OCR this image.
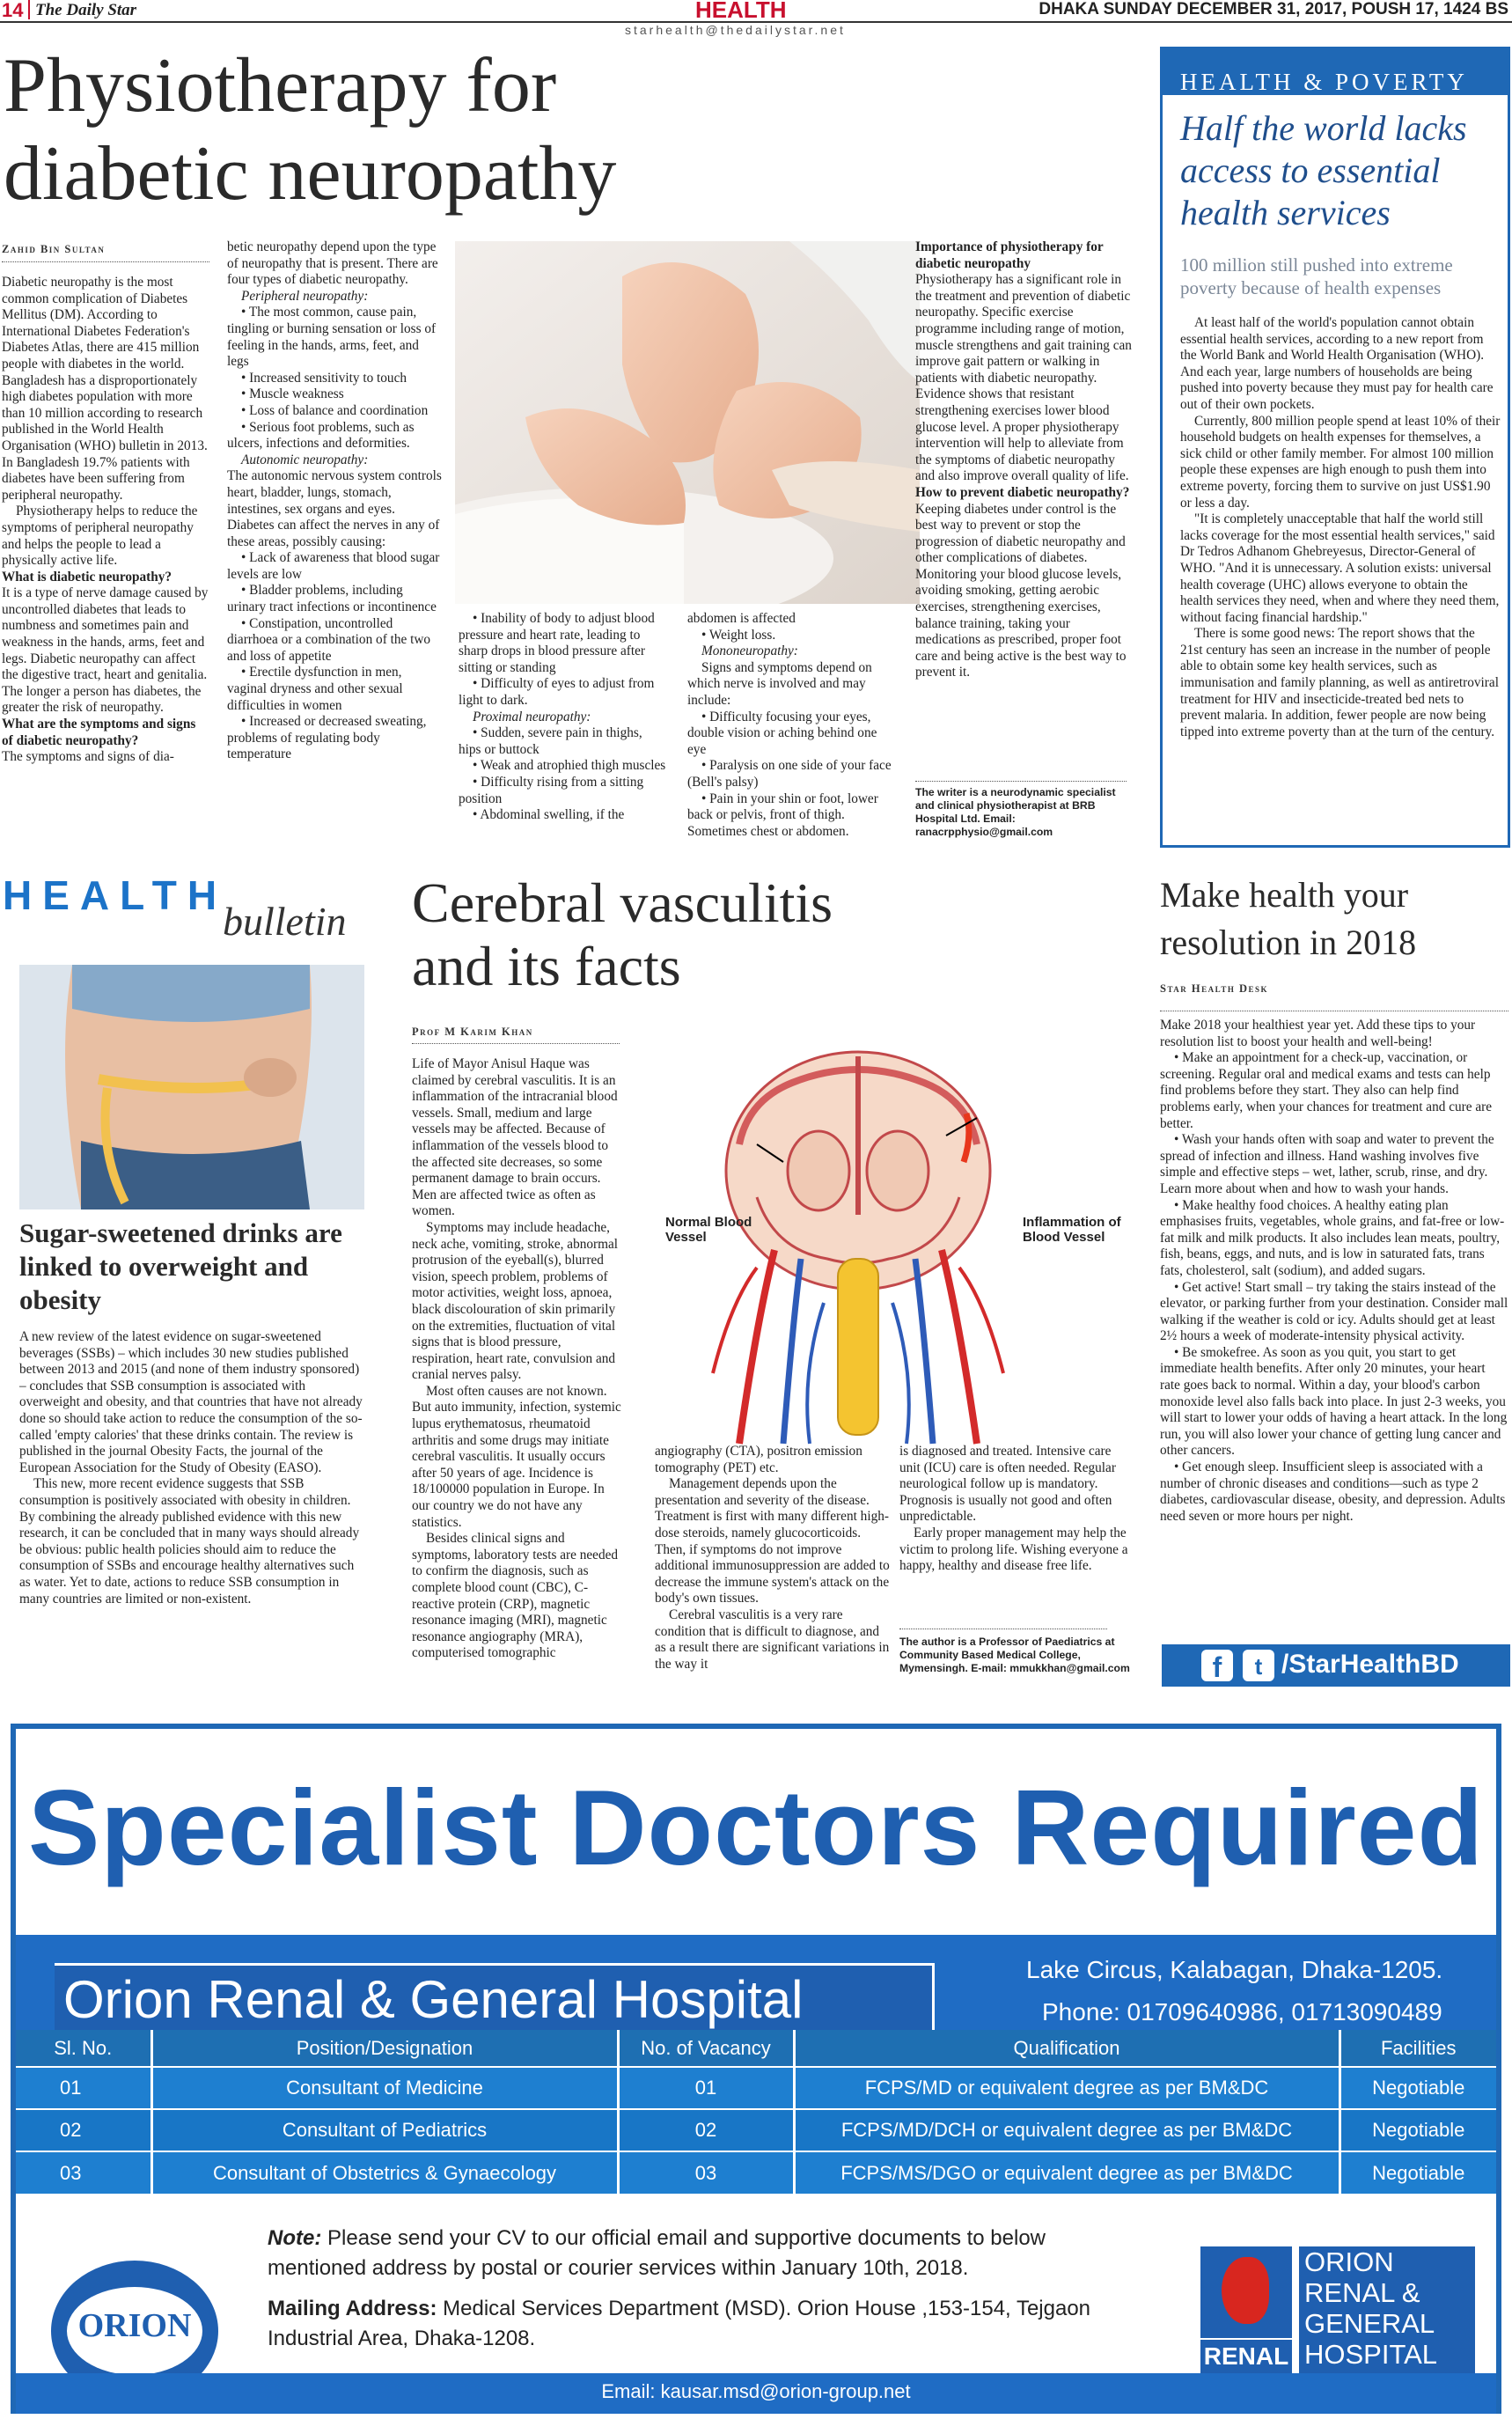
14 The Daily Star	HEALTH
starhealth@thedailystar.net
DHAKA SUNDAY DECEMBER 31, 2017, POUSH 17, 1424 BS
Physiotherapy for
diabetic neuropathy
Zahid Bin Sultan

Diabetic neuropathy is the most common complication of Diabetes Mellitus (DM). According to International Diabetes Federation's Diabetes Atlas, there are 415 million people with diabetes in the world. Bangladesh has a disproportionately high diabetes population with more than 10 million according to research published in the World Health Organisation (WHO) bulletin in 2013. In Bangladesh 19.7% patients with diabetes have been suffering from peripheral neuropathy.

Physiotherapy helps to reduce the symptoms of peripheral neuropathy and helps the people to lead a physically active life.

What is diabetic neuropathy?

It is a type of nerve damage caused by uncontrolled diabetes that leads to numbness and sometimes pain and weakness in the hands, arms, feet and legs. Diabetic neuropathy can affect the digestive tract, heart and genitalia. The longer a person has diabetes, the greater the risk of neuropathy.

What are the symptoms and signs of diabetic neuropathy?

The symptoms and signs of dia-

betic neuropathy depend upon the type of neuropathy that is present. There are four types of diabetic neuropathy.

Peripheral neuropathy:

• The most common, cause pain, tingling or burning sensation or loss of feeling in the hands, arms, feet, and legs

• Increased sensitivity to touch

• Muscle weakness

• Loss of balance and coordination

• Serious foot problems, such as ulcers, infections and deformities.

Autonomic neuropathy:

The autonomic nervous system controls heart, bladder, lungs, stomach, intestines, sex organs and eyes. Diabetes can affect the nerves in any of these areas, possibly causing:

• Lack of awareness that blood sugar levels are low

• Bladder problems, including urinary tract infections or incontinence

• Constipation, uncontrolled diarrhoea or a combination of the two and loss of appetite

• Erectile dysfunction in men, vaginal dryness and other sexual difficulties in women

• Increased or decreased sweating, problems of regulating body temperature

• Inability of body to adjust blood pressure and heart rate, leading to sharp drops in blood pressure after sitting or standing

• Difficulty of eyes to adjust from light to dark.

Proximal neuropathy:

• Sudden, severe pain in thighs, hips or buttock

• Weak and atrophied thigh muscles

• Difficulty rising from a sitting position

• Abdominal swelling, if the

abdomen is affected

• Weight loss.

Mononeuropathy:

Signs and symptoms depend on which nerve is involved and may include:

• Difficulty focusing your eyes, double vision or aching behind one eye

• Paralysis on one side of your face (Bell's palsy)

• Pain in your shin or foot, lower back or pelvis, front of thigh. Sometimes chest or abdomen.

Importance of physiotherapy for diabetic neuropathy

Physiotherapy has a significant role in the treatment and prevention of diabetic neuropathy. Specific exercise programme including range of motion, muscle strengthens and gait training can improve gait pattern or walking in patients with diabetic neuropathy. Evidence shows that resistant strengthening exercises lower blood glucose level. A proper physiotherapy intervention will help to alleviate from the symptoms of diabetic neuropathy and also improve overall quality of life.

How to prevent diabetic neuropathy?

Keeping diabetes under control is the best way to prevent or stop the progression of diabetic neuropathy and other complications of diabetes. Monitoring your blood glucose levels, avoiding smoking, getting aerobic exercises, strengthening exercises, balance training, taking your medications as prescribed, proper foot care and being active is the best way to prevent it.

The writer is a neurodynamic specialist and clinical physiotherapist at BRB Hospital Ltd. Email: ranacrpphysio@gmail.com
HEALTH & POVERTY
Half the world lacks access to essential health services
100 million still pushed into extreme poverty because of health expenses

At least half of the world's population cannot obtain essential health services, according to a new report from the World Bank and World Health Organisation (WHO). And each year, large numbers of households are being pushed into poverty because they must pay for health care out of their own pockets.

Currently, 800 million people spend at least 10% of their household budgets on health expenses for themselves, a sick child or other family member. For almost 100 million people these expenses are high enough to push them into extreme poverty, forcing them to survive on just US$1.90 or less a day.

"It is completely unacceptable that half the world still lacks coverage for the most essential health services," said Dr Tedros Adhanom Ghebreyesus, Director-General of WHO. "And it is unnecessary. A solution exists: universal health coverage (UHC) allows everyone to obtain the health services they need, when and where they need them, without facing financial hardship."

There is some good news: The report shows that the 21st century has seen an increase in the number of people able to obtain some key health services, such as immunisation and family planning, as well as antiretroviral treatment for HIV and insecticide-treated bed nets to prevent malaria. In addition, fewer people are now being tipped into extreme poverty than at the turn of the century.

HEALTH
bulletin
Sugar-sweetened drinks are linked to overweight and obesity

A new review of the latest evidence on sugar-sweetened beverages (SSBs) – which includes 30 new studies published between 2013 and 2015 (and none of them industry sponsored) – concludes that SSB consumption is associated with overweight and obesity, and that countries that have not already done so should take action to reduce the consumption of the so-called 'empty calories' that these drinks contain. The review is published in the journal Obesity Facts, the journal of the European Association for the Study of Obesity (EASO).

This new, more recent evidence suggests that SSB consumption is positively associated with obesity in children. By combining the already published evidence with this new research, it can be concluded that in many ways should already be obvious: public health policies should aim to reduce the consumption of SSBs and encourage healthy alternatives such as water. Yet to date, actions to reduce SSB consumption in many countries are limited or non-existent.

Cerebral vasculitis
and its facts
Prof M Karim Khan

Life of Mayor Anisul Haque was claimed by cerebral vasculitis. It is an inflammation of the intracranial blood vessels. Small, medium and large vessels may be affected. Because of inflammation of the vessels blood to the affected site decreases, so some permanent damage to brain occurs. Men are affected twice as often as women.

Symptoms may include headache, neck ache, vomiting, stroke, abnormal protrusion of the eyeball(s), blurred vision, speech problem, problems of motor activities, weight loss, apnoea, black discolouration of skin primarily on the extremities, fluctuation of vital signs that is blood pressure, respiration, heart rate, convulsion and cranial nerves palsy.

Most often causes are not known. But auto immunity, infection, systemic lupus erythematosus, rheumatoid arthritis and some drugs may initiate cerebral vasculitis. It usually occurs after 50 years of age. Incidence is 18/100000 population in Europe. In our country we do not have any statistics.

Besides clinical signs and symptoms, laboratory tests are needed to confirm the diagnosis, such as complete blood count (CBC), C-reactive protein (CRP), magnetic resonance imaging (MRI), magnetic resonance angiography (MRA), computerised tomographic

Normal Blood Vessel
Inflammation of Blood Vessel

angiography (CTA), positron emission tomography (PET) etc.

Management depends upon the presentation and severity of the disease. Treatment is first with many different high-dose steroids, namely glucocorticoids. Then, if symptoms do not improve additional immunosuppression are added to decrease the immune system's attack on the body's own tissues.

Cerebral vasculitis is a very rare condition that is difficult to diagnose, and as a result there are significant variations in the way it

is diagnosed and treated. Intensive care unit (ICU) care is often needed. Regular neurological follow up is mandatory. Prognosis is usually not good and often unpredictable.

Early proper management may help the victim to prolong life. Wishing everyone a happy, healthy and disease free life.

The author is a Professor of Paediatrics at Community Based Medical College, Mymensingh. E-mail: mmukkhan@gmail.com
Make health your resolution in 2018
Star Health Desk

Make 2018 your healthiest year yet. Add these tips to your resolution list to boost your health and well-being!

• Make an appointment for a check-up, vaccination, or screening. Regular oral and medical exams and tests can help find problems before they start. They also can help find problems early, when your chances for treatment and cure are better.

• Wash your hands often with soap and water to prevent the spread of infection and illness. Hand washing involves five simple and effective steps – wet, lather, scrub, rinse, and dry. Learn more about when and how to wash your hands.

• Make healthy food choices. A healthy eating plan emphasises fruits, vegetables, whole grains, and fat-free or low-fat milk and milk products. It also includes lean meats, poultry, fish, beans, eggs, and nuts, and is low in saturated fats, trans fats, cholesterol, salt (sodium), and added sugars.

• Get active! Start small – try taking the stairs instead of the elevator, or parking further from your destination. Consider mall walking if the weather is cold or icy. Adults should get at least 2½ hours a week of moderate-intensity physical activity.

• Be smokefree. As soon as you quit, you start to get immediate health benefits. After only 20 minutes, your heart rate goes back to normal. Within a day, your blood's carbon monoxide level also falls back into place. In just 2-3 weeks, you will start to lower your odds of having a heart attack. In the long run, you will also lower your chance of getting lung cancer and other cancers.

• Get enough sleep. Insufficient sleep is associated with a number of chronic diseases and conditions—such as type 2 diabetes, cardiovascular disease, obesity, and depression. Adults need seven or more hours per night.

f	t /StarHealthBD
Specialist Doctors Required
Orion Renal & General Hospital
Lake Circus, Kalabagan, Dhaka-1205.
Phone: 01709640986, 01713090489
Sl. No.	Position/Designation	No. of Vacancy	Qualification	Facilities
01	Consultant of Medicine	01	FCPS/MD or equivalent degree as per BM&DC	Negotiable
02	Consultant of Pediatrics	02	FCPS/MD/DCH or equivalent degree as per BM&DC	Negotiable
03	Consultant of Obstetrics & Gynaecology	03	FCPS/MS/DGO or equivalent degree as per BM&DC	Negotiable
ORION
Note: Please send your CV to our official email and supportive documents to below mentioned address by postal or courier services within January 10th, 2018.
Mailing Address: Medical Services Department (MSD). Orion House ,153-154, Tejgaon Industrial Area, Dhaka-1208.
Email: kausar.msd@orion-group.net
RENAL
ORION
RENAL &
GENERAL
HOSPITAL
